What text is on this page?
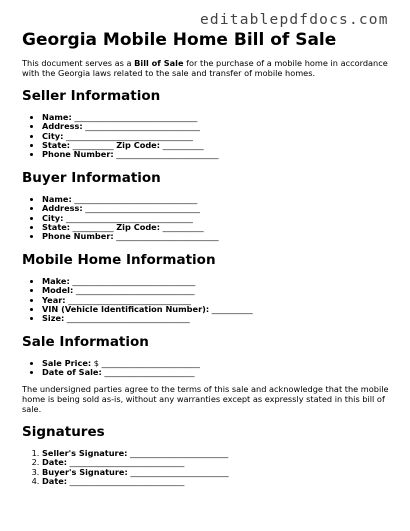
editablepdfdocs.com
Georgia Mobile Home Bill of Sale

This document serves as a Bill of Sale for the purchase of a mobile home in accordance with the Georgia laws related to the sale and transfer of mobile homes.

Seller Information
• Name: ______________________________
• Address: ____________________________
• City: _______________________________
• State: __________ Zip Code: __________
• Phone Number: _________________________
Buyer Information
• Name: ______________________________
• Address: ____________________________
• City: _______________________________
• State: __________ Zip Code: __________
• Phone Number: _________________________
Mobile Home Information
• Make: ______________________________
• Model: _____________________________
• Year: ______________________________
• VIN (Vehicle Identification Number): __________
• Size: ______________________________
Sale Information
• Sale Price: $ ________________________
• Date of Sale: ______________________

The undersigned parties agree to the terms of this sale and acknowledge that the mobile home is being sold as-is, without any warranties except as expressly stated in this bill of sale.

Signatures
1. Seller's Signature: ________________________
2. Date: ____________________________
3. Buyer's Signature: ________________________
4. Date: ____________________________
